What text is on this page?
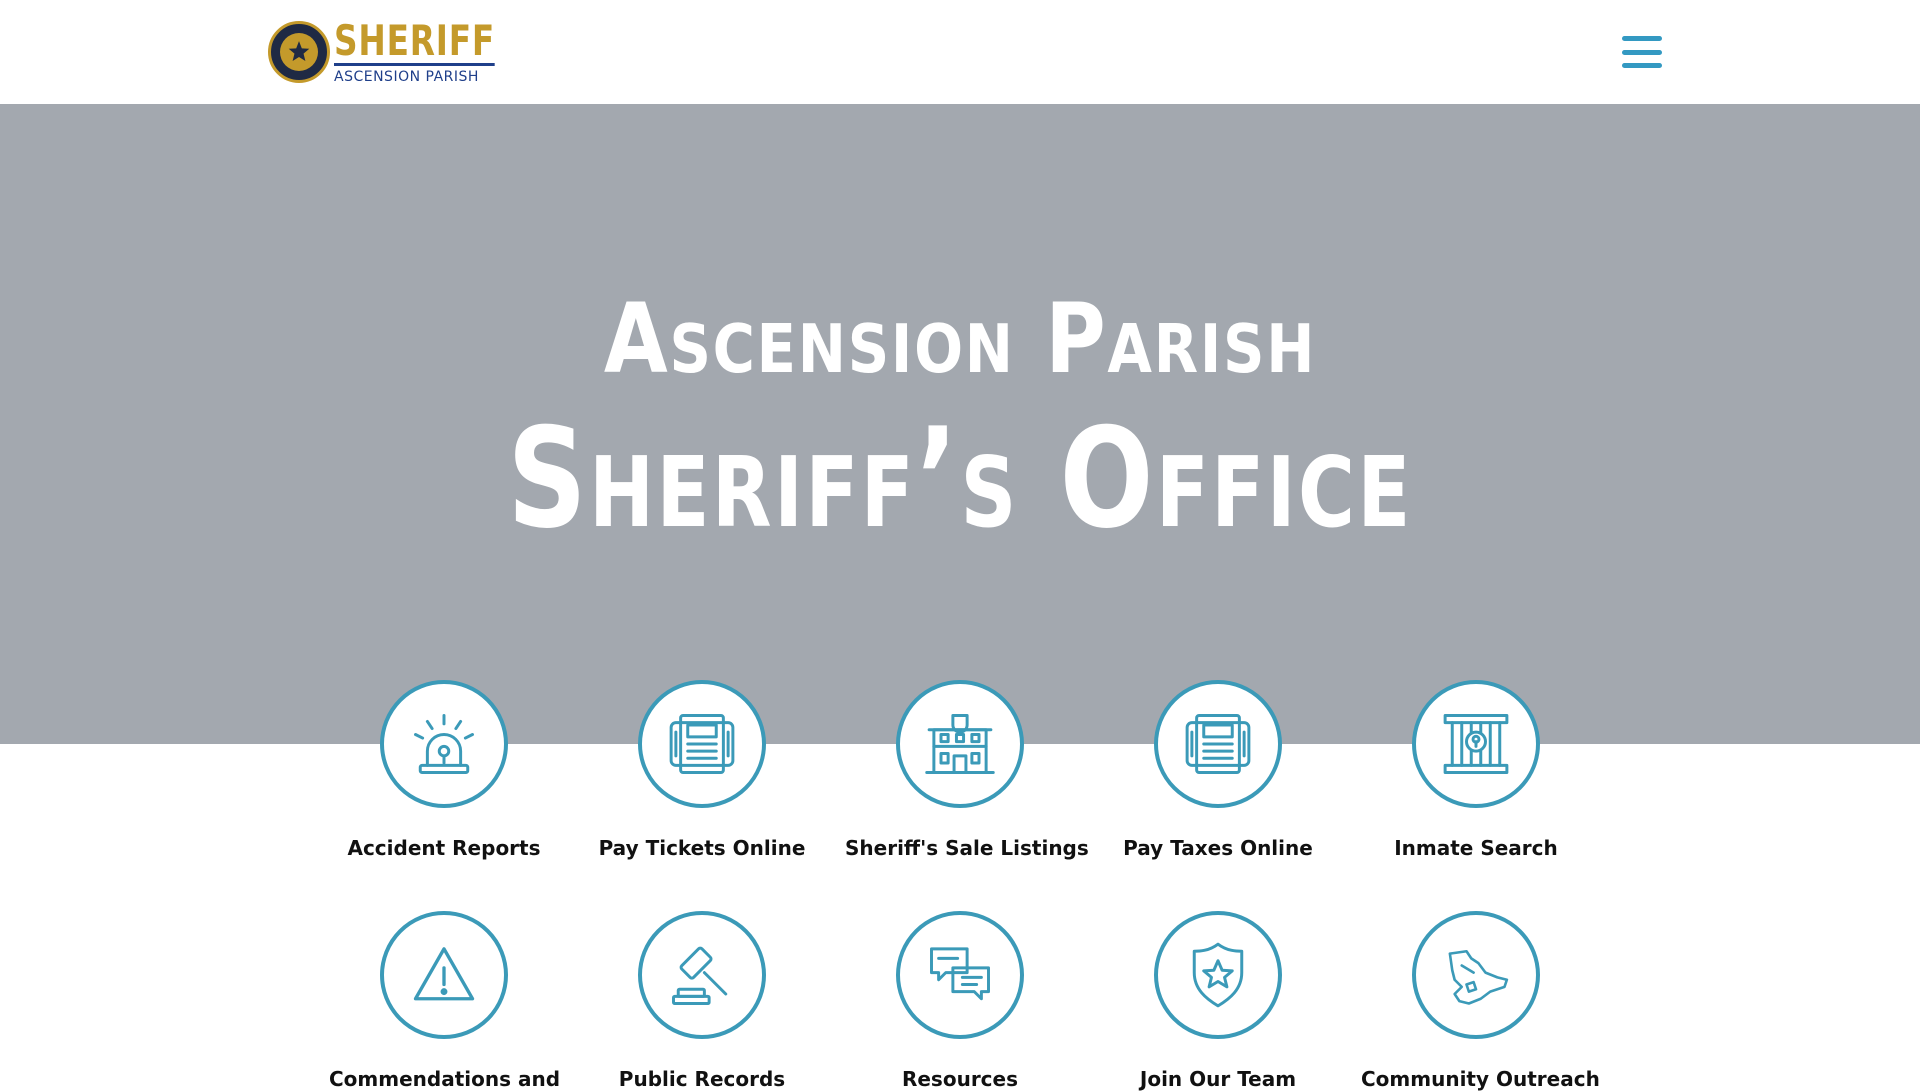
SHERIFF
ASCENSION PARISH
Ascension Parish
Sheriff’s Office
Accident Reports	Pay Tickets Online	Sheriff's Sale Listings	Pay Taxes Online	Inmate Search
Commendations and	Public Records	Resources	Join Our Team	Community Outreach
